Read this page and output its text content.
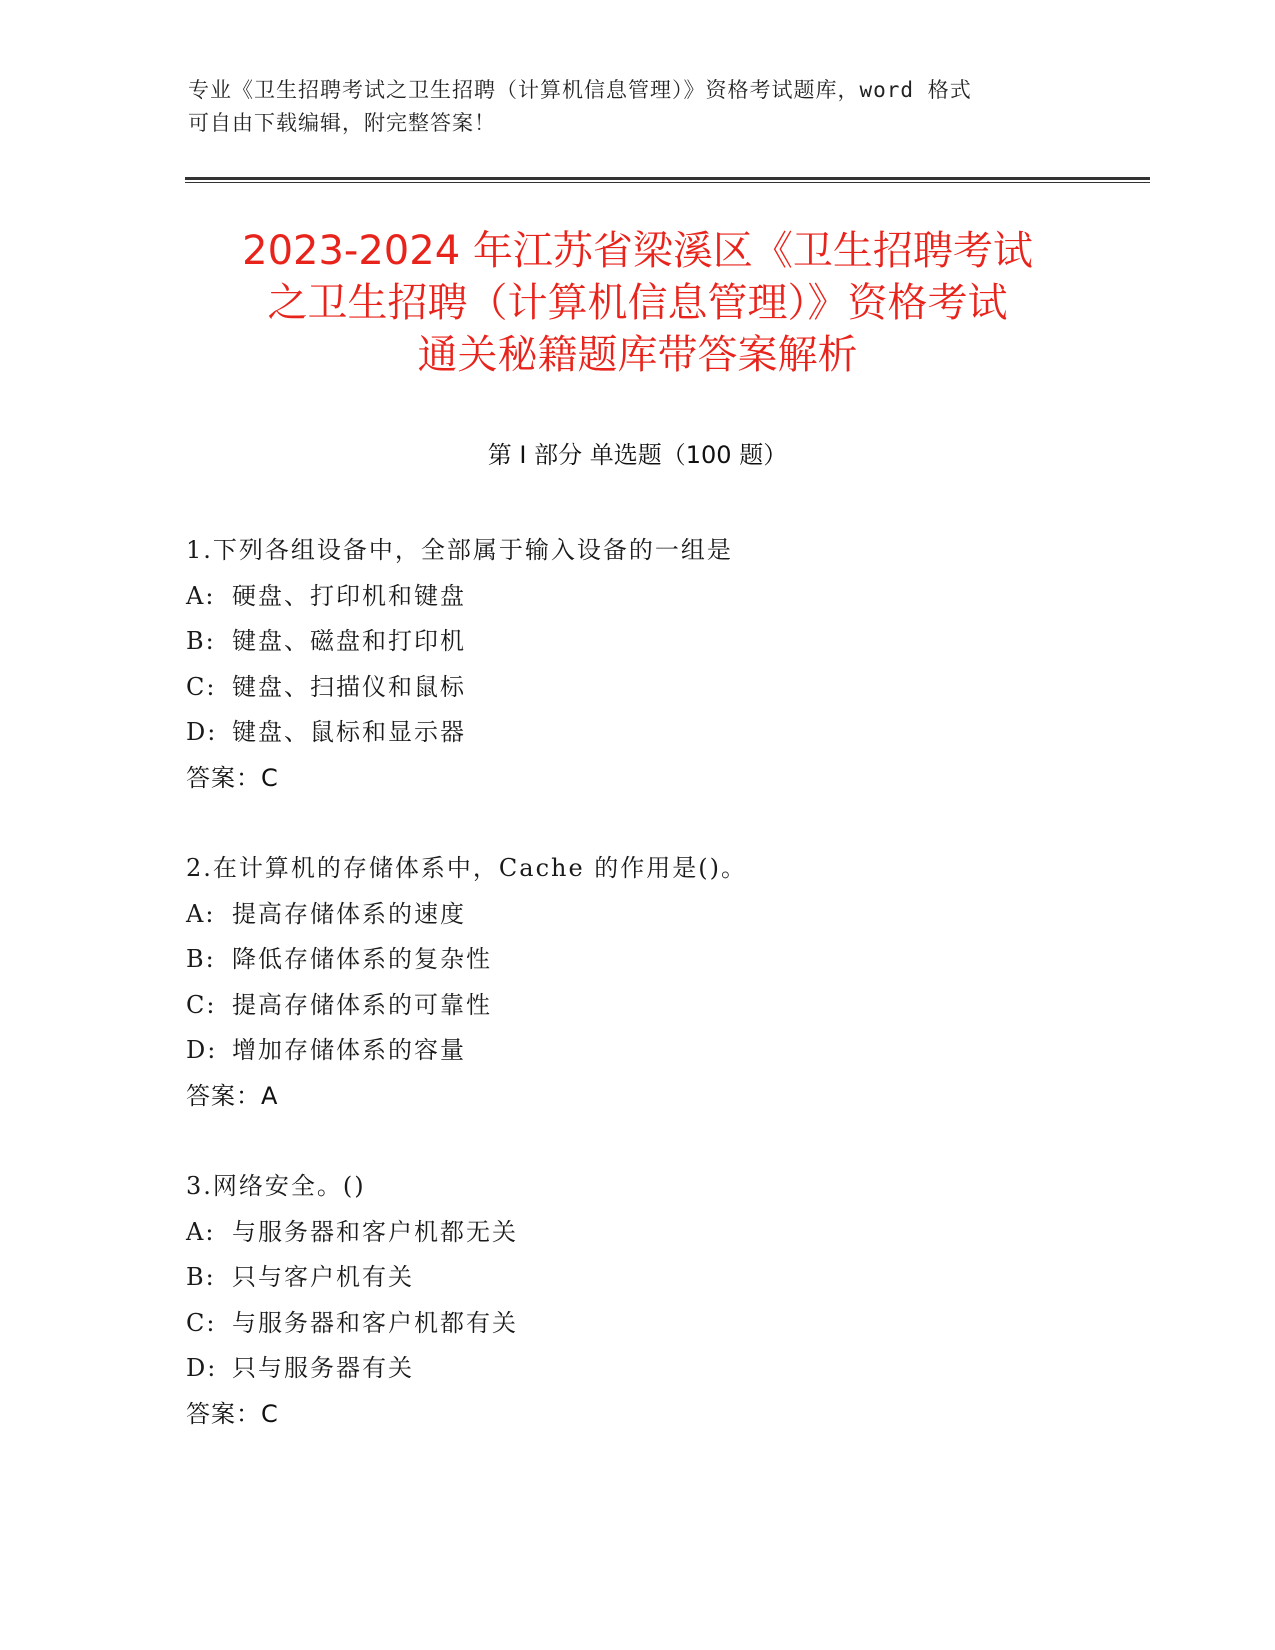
专业《卫生招聘考试之卫生招聘（计算机信息管理）》资格考试题库，word 格式
可自由下载编辑，附完整答案！
2023-2024 年江苏省梁溪区《卫生招聘考试
之卫生招聘（计算机信息管理）》资格考试
通关秘籍题库带答案解析
第 I 部分 单选题（100 题）
1.下列各组设备中，全部属于输入设备的一组是
A: 硬盘、打印机和键盘
B: 键盘、磁盘和打印机
C: 键盘、扫描仪和鼠标
D: 键盘、鼠标和显示器
答案：C
2.在计算机的存储体系中，Cache 的作用是()。
A: 提高存储体系的速度
B: 降低存储体系的复杂性
C: 提高存储体系的可靠性
D: 增加存储体系的容量
答案：A
3.网络安全。()
A: 与服务器和客户机都无关
B: 只与客户机有关
C: 与服务器和客户机都有关
D: 只与服务器有关
答案：C
